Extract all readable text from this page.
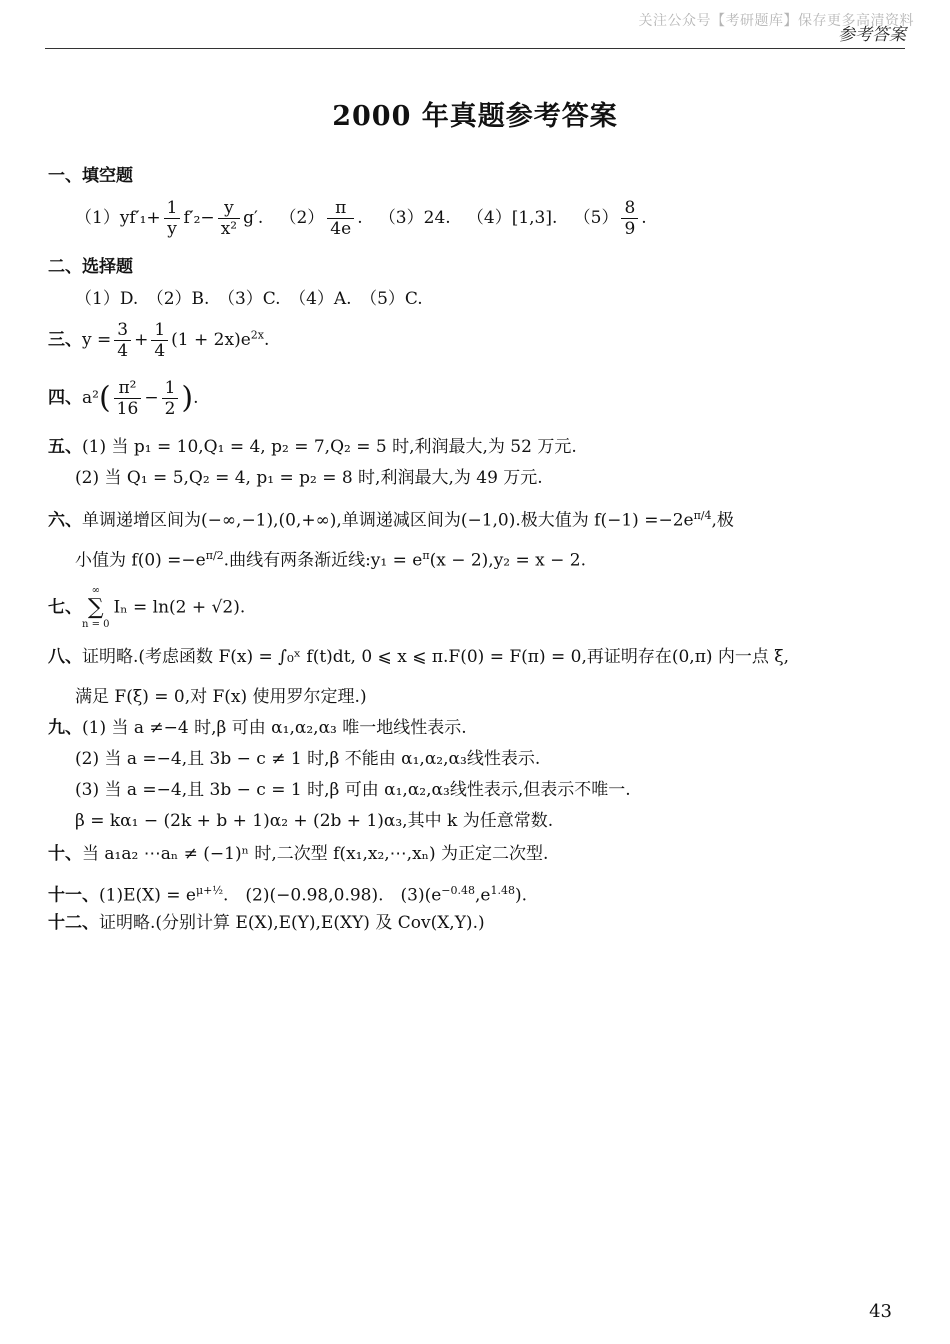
关注公众号【考研题库】保存更多高清资料
参考答案
2000 年真题参考答案
一、填空题
$(1)yf'_1+ \frac{1}{y} f'_2- \frac{y}{\text{x²}} g'$. $(2) \frac{\pi}{4e}$ . （3）24. （4）[1,3]. $(5) \frac{8}{9}$ .
二、选择题
（1）D.　（2）B.　（3）C.　（4）A.　（5）C.
三、$y = \frac{3}{4} + \frac{1}{4} (1 + 2x)e^{2x}$.
四、$a^2( \frac{\text{π²}}{16} - \frac{1}{2}$ ).
五、(1) 当 p₁ = 10,Q₁ = 4, p₂ = 7,Q₂ = 5 时,利润最大,为 52 万元.
(2) 当 Q₁ = 5,Q₂ = 4, p₁ = p₂ = 8 时,利润最大,为 49 万元.
六、单调递增区间为(−∞,−1),(0,+∞),单调递减区间为(−1,0).极大值为 $f(-1) =-2e^{\pi/4}$,极
小值为 $f(0) =-e^{\pi/2}$.曲线有两条渐近线:y₁ = $e^\pi(x - 2),y_2 = x - 2$.
七、
∞
∑
n = 0
Iₙ = ln(2 + √2).
八、证明略.(考虑函数 F(x) = ∫₀ˣ f(t)dt, 0 ⩽ x ⩽ π.F(0) = F(π) = 0,再证明存在(0,π) 内一点 ξ,
满足 F(ξ) = 0,对 F(x) 使用罗尔定理.)
九、(1) 当 a ≠−4 时,β 可由 α₁,α₂,α₃ 唯一地线性表示.
(2) 当 a =−4,且 3b − c ≠ 1 时,β 不能由 α₁,α₂,α₃线性表示.
(3) 当 a =−4,且 3b − c = 1 时,β 可由 α₁,α₂,α₃线性表示,但表示不唯一.
β = kα₁ − (2k + b + 1)α₂ + (2b + 1)α₃,其中 k 为任意常数.
十、当 a₁a₂ ⋯aₙ ≠ (−1)ⁿ 时,二次型 f(x₁,x₂,⋯,xₙ) 为正定二次型.
十一、$(1)E(X) = e^{\mu+\frac{1}{2}}$.　(2)(−0.98,0.98).　$(3)(e^{-0.48},e^{1.48})$.
十二、证明略.(分别计算 E(X),E(Y),E(XY) 及 Cov(X,Y).)
43
